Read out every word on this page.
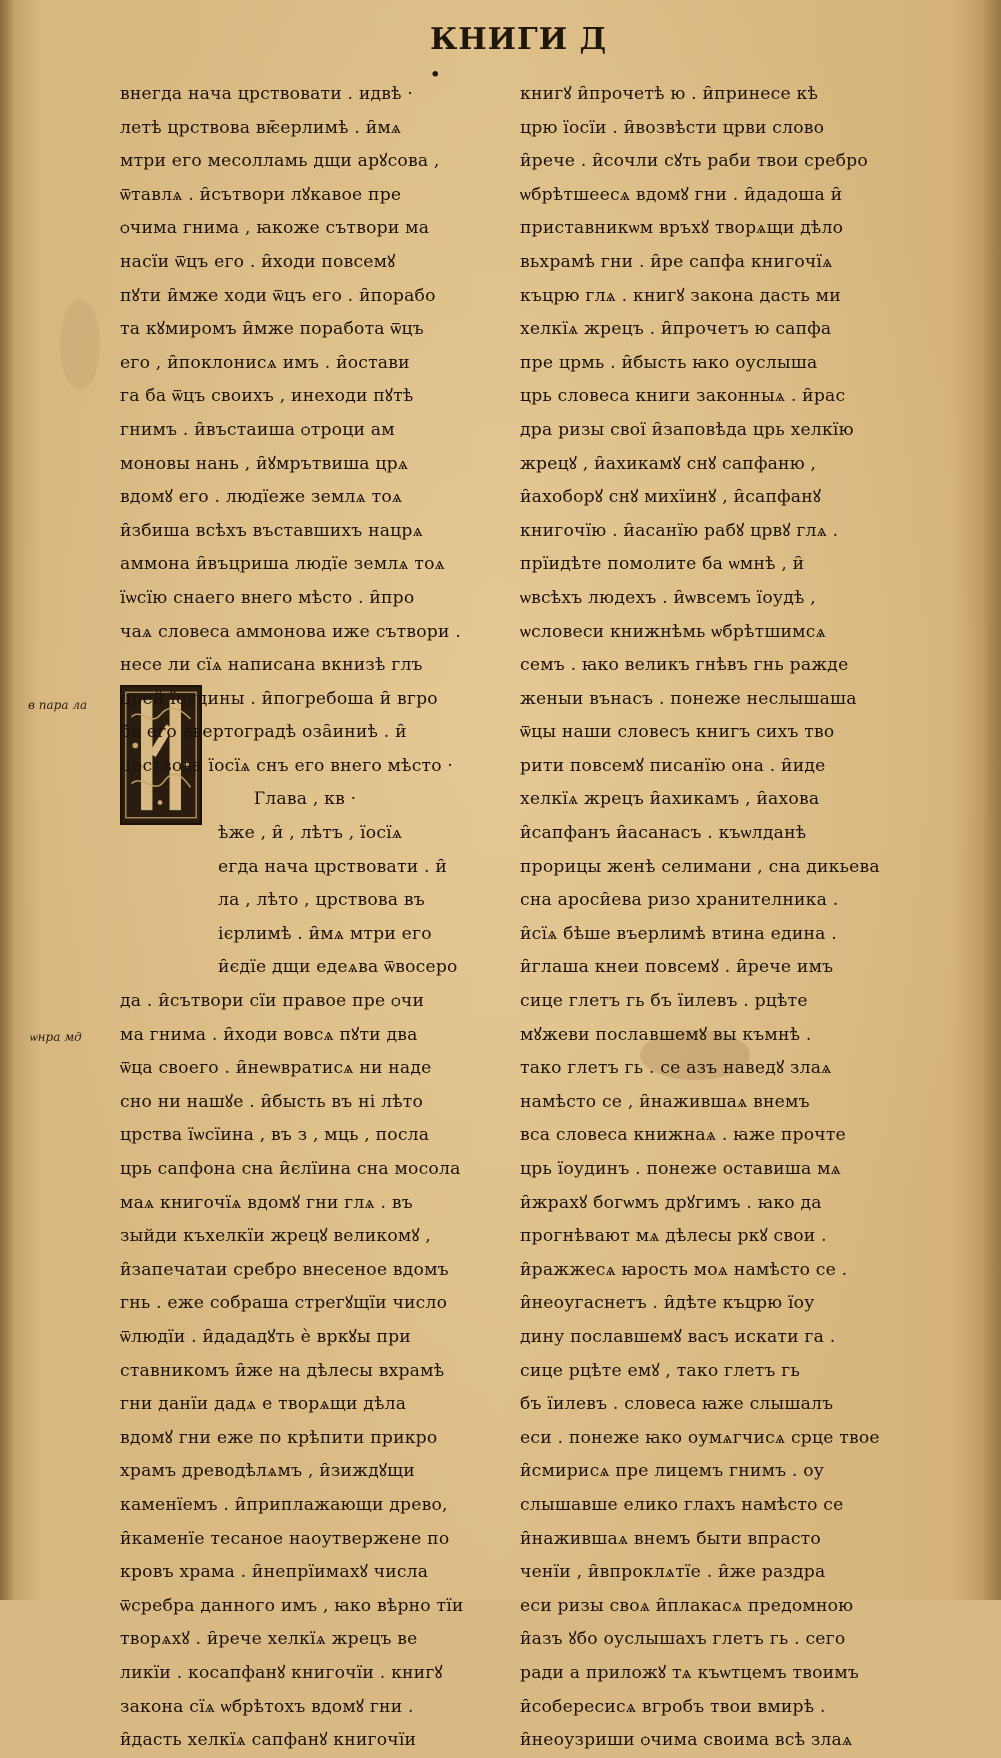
КНИГИ Д ·
в пара ла
ѡнра мд
внегда нача црствовати . идвѣ ·
летѣ црствова вѥ̄ерлимѣ . и̑мѧ
мтри его месолламь дщи арꙋсова ,
ѿтавлѧ . и̑сътвори лꙋкавое пре
ѻчима гнима , ꙗкоже сътвори ма
насїи ѿцъ его . и̑ходи повсемꙋ
пꙋти и̑мже ходи ѿцъ его . и̑порабо
та кꙋмиромъ и̑мже поработа ѿцъ
его , и̑поклонисѧ имъ . и̑остави
га ба ѿцъ своихъ , инеходи пꙋтѣ
гнимъ . и̑въстаиша ѻтроци ам
моновы нань , и̑ꙋмрътвиша црѧ
вдомꙋ его . людїеже землѧ тоѧ
и̑збиша всѣхъ въставшихъ нацрѧ
аммона и̑въцриша людїе землѧ тоѧ
їѡсїю снаего внего мѣсто . и̑про
чаѧ словеса аммонова иже сътвори .
несе ли сїѧ написана вкнизѣ глъ
црей їоудины . и̑погребоша и̑ вгро
бѣ его ввертоградѣ оза̑иниѣ . и̑
црствова їосїѧ снъ его внего мѣсто ·
Глава , кв ·
ѣже , и̑ , лѣтъ , їосїѧ
егда нача црствовати . и̑
ла , лѣто , црствова въ
ієрлимѣ . и̑мѧ мтри его
и̑єдїе дщи едеѧва ѿвосеро
да . и̑сътвори сїи правое пре ѻчи
ма гнима . и̑ходи вовсѧ пꙋти два
ѿца своего . и̑неѡвратисѧ ни наде
сно ни нашꙋе . и̑бысть въ ні лѣто
црства їѡсїина , въ з , мць , посла
црь сапфона сна и̑єлїина сна мосола
маѧ книгочїѧ вдомꙋ гни глѧ . въ
зыйди къхелкїи жрецꙋ великомꙋ ,
и̑запечатаи сребро внесеное вдомъ
гнь . еже собраша стрегꙋщїи число
ѿлюдїи . и̑дададꙋть ѐ вркꙋы при
ставникомъ и̑же на дѣлесы вхрамѣ
гни данїи дадѧ е творѧщи дѣла
вдомꙋ гни еже по крѣпити прикро
храмъ древодѣлѧмъ , и̑зиждꙋщи
каменїемъ . и̑приплажающи древо,
и̑каменїе тесаное наоутвержене по
кровъ храма . и̑непрїимахꙋ числа
ѿсребра данного имъ , ꙗко вѣрно тїи
творѧхꙋ . и̑рече хелкїѧ жрецъ ве
ликїи . косапфанꙋ книгочїи . книгꙋ
закона сїѧ ѡбрѣтохъ вдомꙋ гни .
и̑дасть хелкїѧ сапфанꙋ книгочїи
книгꙋ и̑прочетѣ ю . и̑принесе кѣ
црю їосїи . и̑возвѣсти црви слово
и̑рече . и̑сочли сꙋть раби твои сребро
ѡбрѣтшеесѧ вдомꙋ гни . и̑дадоша и̑
приставникѡм връхꙋ творѧщи дѣло
вьхрамѣ гни . и̑ре сапфа книгочїѧ
къцрю глѧ . книгꙋ закона дасть ми
хелкїѧ жрецъ . и̑прочетъ ю сапфа
пре црмь . и̑бысть ꙗко оуслыша
црь словеса книги законныѧ . и̑рас
дра ризы свої и̑заповѣда црь хелкїю
жрецꙋ , и̑ахикамꙋ снꙋ сапфаню ,
и̑ахоборꙋ снꙋ михїинꙋ , и̑сапфанꙋ
книгочїю . и̑асанїю рабꙋ црвꙋ глѧ .
прїидѣте помолите ба ѡмнѣ , и̑
ѡвсѣхъ людехъ . и̑ѡвсемъ їоудѣ ,
ѡсловеси книжнѣмь ѡбрѣтшимсѧ
семъ . ꙗко великъ гнѣвъ гнь раждe
женыи вънасъ . понеже неслышаша
ѿцы наши словесъ книгъ сихъ тво
рити повсемꙋ писанїю она . и̑иде
хелкїѧ жрецъ и̑ахикамъ , и̑ахова
и̑сапфанъ и̑асанасъ . къѡлданѣ
прорицы женѣ селимани , сна дикьева
сна ароси̑ева ризо хранителника .
и̑сїѧ бѣше въерлимѣ втина едина .
и̑глаша кнеи повсемꙋ . и̑рече имъ
сице глетъ гь бъ їилевъ . рцѣте
мꙋжеви пославшемꙋ вы къмнѣ .
тако глетъ гь . се азъ наведꙋ злаѧ
намѣсто се , и̑нажившаѧ внемъ
вса словеса книжнаѧ . ꙗже прочте
црь їоудинъ . понеже оставиша мѧ
и̑жрахꙋ богѡмъ дрꙋгимъ . ꙗко да
прогнѣвают мѧ дѣлесы ркꙋ свои .
и̑ражжесѧ ꙗрость моѧ намѣсто се .
и̑неоугаснетъ . и̑дѣте къцрю їоу
дину пославшемꙋ васъ искати га .
сице рцѣте емꙋ , тако глетъ гь
бъ їилевъ . словеса ꙗже слышалъ
еси . понеже ꙗко оумѧгчисѧ срце твое
и̑смирисѧ пре лицемъ гнимъ . оу
слышавше елико глахъ намѣсто се
и̑нажившаѧ внемъ быти впрасто
ченїи , и̑впроклѧтїе . и̑же раздра
еси ризы своѧ и̑плакасѧ предомною
и̑азъ ꙋбо оуслышахъ глетъ гь . сего
ради а приложꙋ тѧ къѡтцемъ твоимъ
и̑собересисѧ вгробъ твои вмирѣ .
и̑неоузриши ѻчима своима всѣ злаѧ
